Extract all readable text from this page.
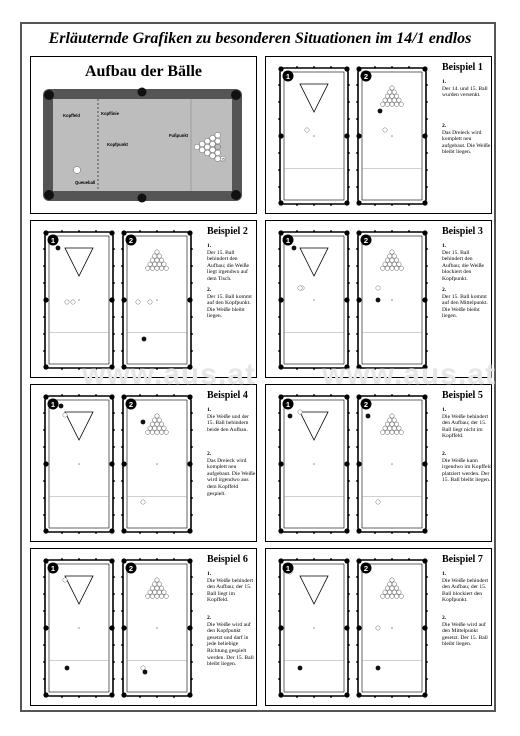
Erläuternde Grafiken zu besonderen Situationen im 14/1 endlos
Aufbau der Bälle
Kopffeld	Kopflinie
Kopfpunkt
Fußpunkt
Queueball
15
1	2
Beispiel 1
1.
Der 14. und 15. Ball wurden versenkt.
2.
Das Dreieck wird komplett neu aufgebaut. Die Weiße bleibt liegen.
1	2
Beispiel 2
1.
Der 15. Ball behindert den Aufbau; die Weiße liegt irgendwo auf dem Tisch.
2.
Der 15. Ball kommt auf den Kopfpunkt. Die Weiße bleibt liegen.
1	2
Beispiel 3
1.
Der 15. Ball behindert den Aufbau; die Weiße blockiert den Kopfpunkt.
2.
Der 15. Ball kommt auf den Mittelpunkt. Die Weiße bleibt liegen.
1	2
Beispiel 4
1.
Die Weiße und der 15. Ball behindern beide den Aufbau.
2.
Das Dreieck wird komplett neu aufgebaut. Die Weiße wird irgendwo aus dem Kopffeld gespielt.
1	2
Beispiel 5
1.
Die Weiße behindert den Aufbau; der 15. Ball liegt nicht im Kopffeld.
2.
Die Weiße kann irgendwo im Kopffeld platziert werden. Der 15. Ball bleibt liegen.
1	2
Beispiel 6
1.
Die Weiße behindert den Aufbau; der 15. Ball liegt im Kopffeld.
2.
Die Weiße wird auf den Kopfpunkt gesetzt und darf in jede beliebige Richtung gespielt werden. Der 15. Ball bleibt liegen.
1	2
Beispiel 7
1.
Die Weiße behindert den Aufbau; der 15. Ball blockiert den Kopfpunkt.
2.
Die Weiße wird auf den Mittelpunkt gesetzt. Der 15. Ball bleibt liegen.
www.aus.at www.aus.at
